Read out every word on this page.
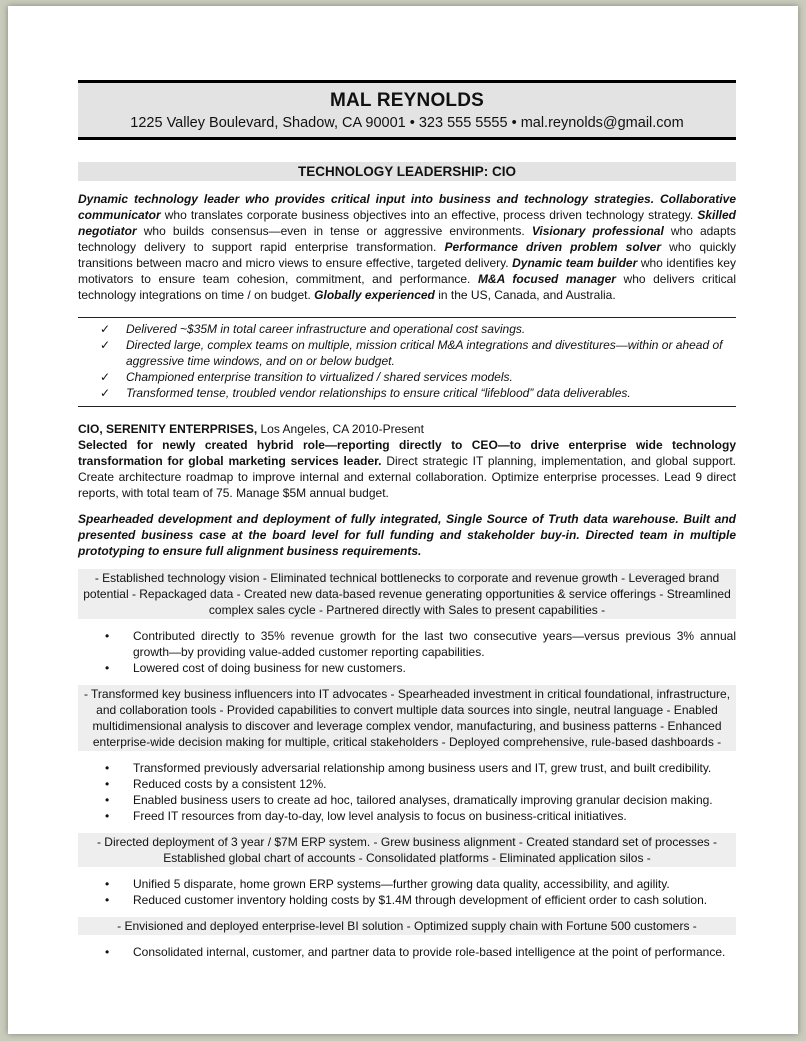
MAL REYNOLDS
1225 Valley Boulevard, Shadow, CA 90001 • 323 555 5555 • mal.reynolds@gmail.com
TECHNOLOGY LEADERSHIP: CIO

Dynamic technology leader who provides critical input into business and technology strategies. Collaborative communicator who translates corporate business objectives into an effective, process driven technology strategy. Skilled negotiator who builds consensus—even in tense or aggressive environments. Visionary professional who adapts technology delivery to support rapid enterprise transformation. Performance driven problem solver who quickly transitions between macro and micro views to ensure effective, targeted delivery. Dynamic team builder who identifies key motivators to ensure team cohesion, commitment, and performance. M&A focused manager who delivers critical technology integrations on time / on budget. Globally experienced in the US, Canada, and Australia.

✓ Delivered ~$35M in total career infrastructure and operational cost savings.
✓ Directed large, complex teams on multiple, mission critical M&A integrations and divestitures—within or ahead of aggressive time windows, and on or below budget.
✓ Championed enterprise transition to virtualized / shared services models.
✓ Transformed tense, troubled vendor relationships to ensure critical “lifeblood” data deliverables.
CIO, SERENITY ENTERPRISES, Los Angeles, CA 2010-Present

Selected for newly created hybrid role—reporting directly to CEO—to drive enterprise wide technology transformation for global marketing services leader. Direct strategic IT planning, implementation, and global support. Create architecture roadmap to improve internal and external collaboration. Optimize enterprise processes. Lead 9 direct reports, with total team of 75. Manage $5M annual budget.

Spearheaded development and deployment of fully integrated, Single Source of Truth data warehouse. Built and presented business case at the board level for full funding and stakeholder buy-in. Directed team in multiple prototyping to ensure full alignment business requirements.

- Established technology vision - Eliminated technical bottlenecks to corporate and revenue growth - Leveraged brand potential - Repackaged data - Created new data-based revenue generating opportunities & service offerings - Streamlined complex sales cycle - Partnered directly with Sales to present capabilities -
• Contributed directly to 35% revenue growth for the last two consecutive years—versus previous 3% annual growth—by providing value-added customer reporting capabilities.
• Lowered cost of doing business for new customers.
- Transformed key business influencers into IT advocates - Spearheaded investment in critical foundational, infrastructure, and collaboration tools - Provided capabilities to convert multiple data sources into single, neutral language - Enabled multidimensional analysis to discover and leverage complex vendor, manufacturing, and business patterns - Enhanced enterprise-wide decision making for multiple, critical stakeholders - Deployed comprehensive, rule-based dashboards -
• Transformed previously adversarial relationship among business users and IT, grew trust, and built credibility.
• Reduced costs by a consistent 12%.
• Enabled business users to create ad hoc, tailored analyses, dramatically improving granular decision making.
• Freed IT resources from day-to-day, low level analysis to focus on business-critical initiatives.
- Directed deployment of 3 year / $7M ERP system. - Grew business alignment - Created standard set of processes - Established global chart of accounts - Consolidated platforms - Eliminated application silos -
• Unified 5 disparate, home grown ERP systems—further growing data quality, accessibility, and agility.
• Reduced customer inventory holding costs by $1.4M through development of efficient order to cash solution.
- Envisioned and deployed enterprise-level BI solution - Optimized supply chain with Fortune 500 customers -
• Consolidated internal, customer, and partner data to provide role-based intelligence at the point of performance.
